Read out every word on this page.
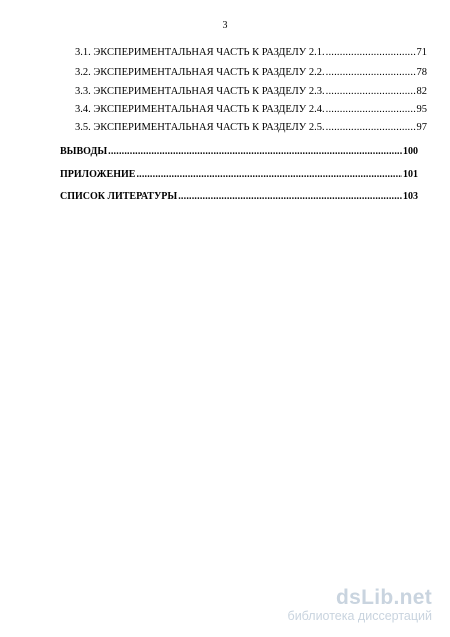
3
3.1. ЭКСПЕРИМЕНТАЛЬНАЯ ЧАСТЬ К РАЗДЕЛУ 2.1. .....	71
3.2. ЭКСПЕРИМЕНТАЛЬНАЯ ЧАСТЬ К РАЗДЕЛУ 2.2. .....	78
3.3. ЭКСПЕРИМЕНТАЛЬНАЯ ЧАСТЬ К РАЗДЕЛУ 2.3. .....	82
3.4. ЭКСПЕРИМЕНТАЛЬНАЯ ЧАСТЬ К РАЗДЕЛУ 2.4. .....	95
3.5. ЭКСПЕРИМЕНТАЛЬНАЯ ЧАСТЬ К РАЗДЕЛУ 2.5. .....	97
ВЫВОДЫ .....	100
ПРИЛОЖЕНИЕ .....	101
СПИСОК ЛИТЕРАТУРЫ .....	103
dsLib.net
библиотека диссертаций
